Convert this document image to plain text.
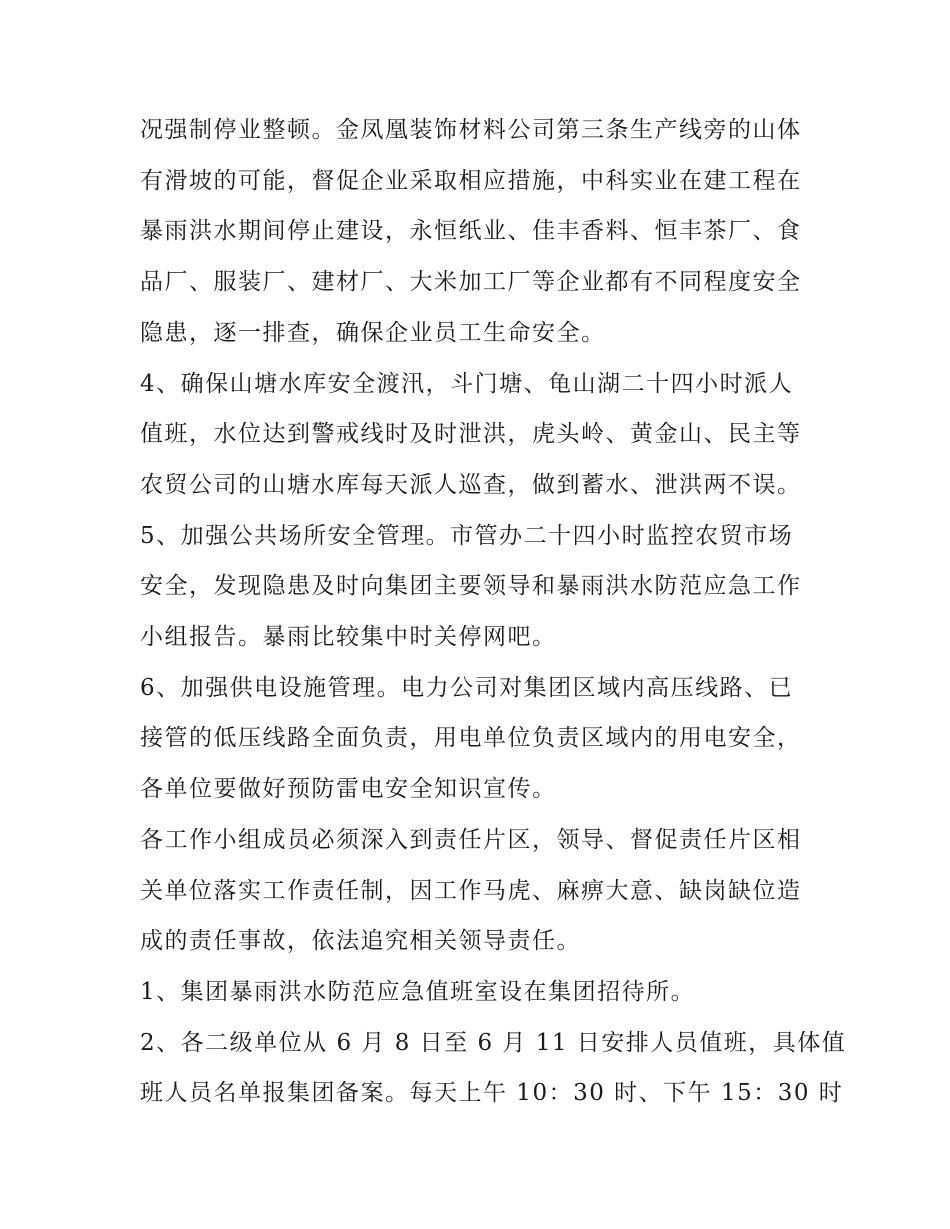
况强制停业整顿。金凤凰装饰材料公司第三条生产线旁的山体

有滑坡的可能，督促企业采取相应措施，中科实业在建工程在

暴雨洪水期间停止建设，永恒纸业、佳丰香料、恒丰茶厂、食

品厂、服装厂、建材厂、大米加工厂等企业都有不同程度安全

隐患，逐一排查，确保企业员工生命安全。

4、确保山塘水库安全渡汛，斗门塘、龟山湖二十四小时派人

值班，水位达到警戒线时及时泄洪，虎头岭、黄金山、民主等

农贸公司的山塘水库每天派人巡查，做到蓄水、泄洪两不误。

5、加强公共场所安全管理。市管办二十四小时监控农贸市场

安全，发现隐患及时向集团主要领导和暴雨洪水防范应急工作

小组报告。暴雨比较集中时关停网吧。

6、加强供电设施管理。电力公司对集团区域内高压线路、已

接管的低压线路全面负责，用电单位负责区域内的用电安全，

各单位要做好预防雷电安全知识宣传。

各工作小组成员必须深入到责任片区，领导、督促责任片区相

关单位落实工作责任制，因工作马虎、麻痹大意、缺岗缺位造

成的责任事故，依法追究相关领导责任。

1、集团暴雨洪水防范应急值班室设在集团招待所。

2、各二级单位从 6 月 8 日至 6 月 11 日安排人员值班，具体值

班人员名单报集团备案。每天上午 10：30 时、下午 15：30 时
